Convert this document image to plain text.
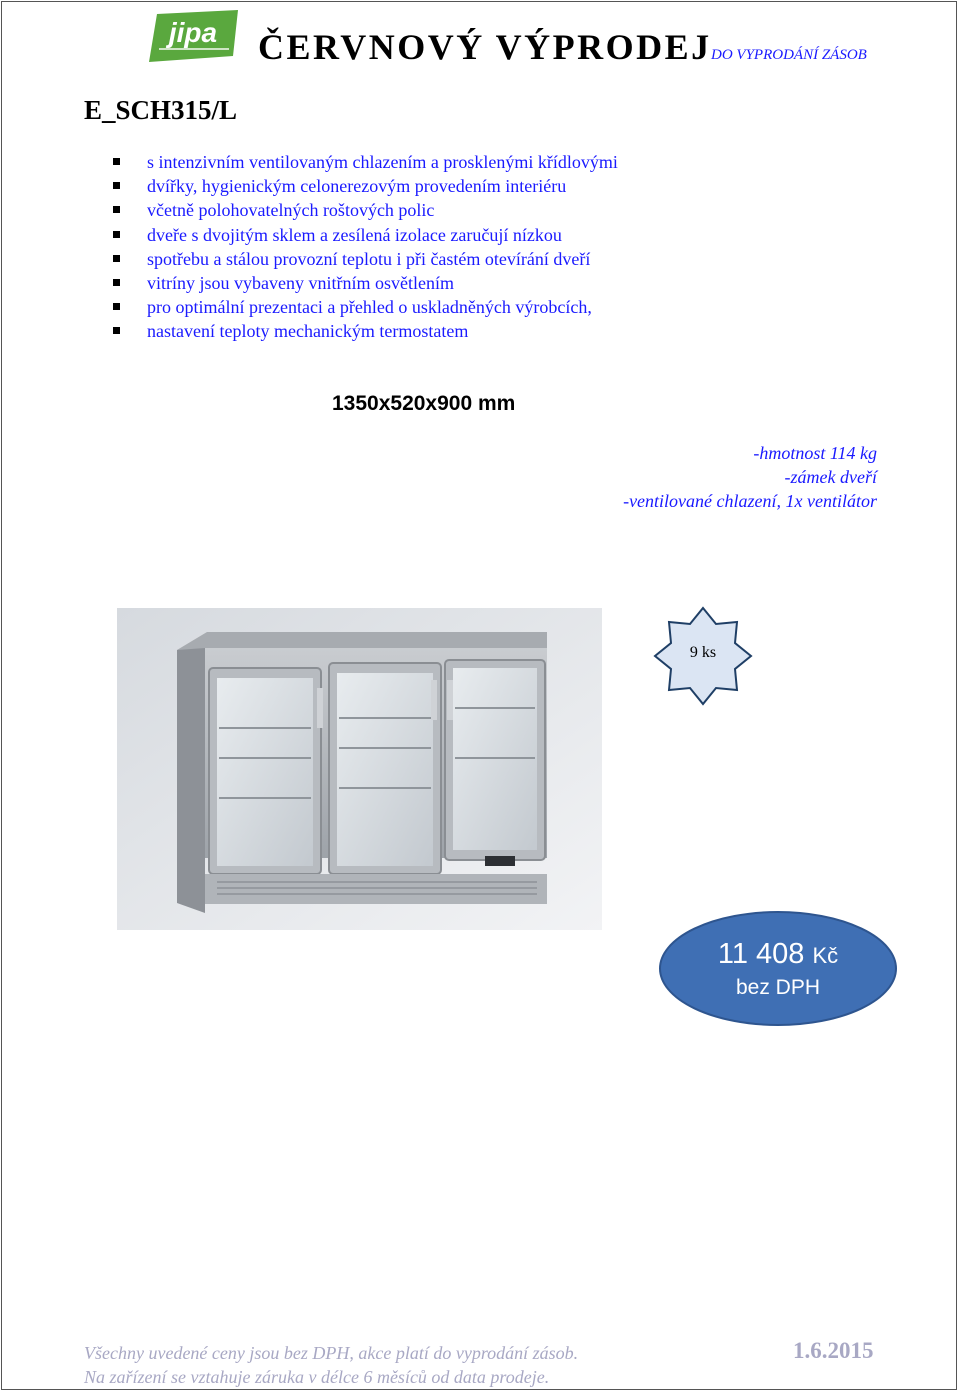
jipa ČERVNOVÝ VÝPRODEJ DO VYPRODÁNÍ ZÁSOB
E_SCH315/L
s intenzivním ventilovaným chlazením a prosklenými křídlovými
dvířky, hygienickým celonerezovým provedením interiéru
včetně polohovatelných roštových polic
dveře s dvojitým sklem a zesílená izolace zaručují nízkou
spotřebu a stálou provozní teplotu i při častém otevírání dveří
vitríny jsou vybaveny vnitřním osvětlením
pro optimální prezentaci a přehled o uskladněných výrobcích,
nastavení teploty mechanickým termostatem
1350x520x900 mm
-hmotnost 114 kg
-zámek dveří
-ventilované chlazení, 1x ventilátor
9 ks
11 408 Kč
bez DPH
Všechny uvedené ceny jsou bez DPH, akce platí do vyprodání zásob.
Na zařízení se vztahuje záruka v délce 6 měsíců od data prodeje.
1.6.2015
